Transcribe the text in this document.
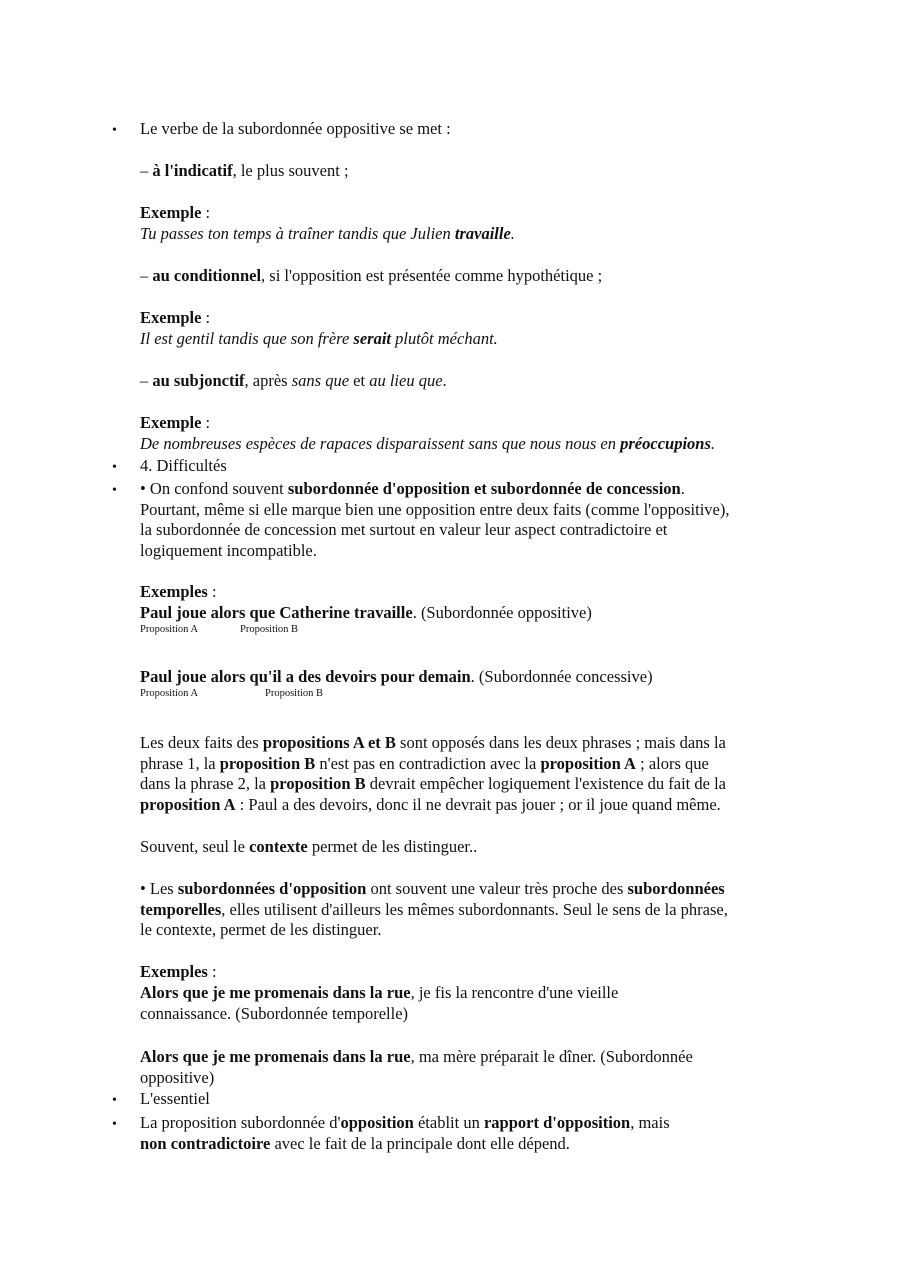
• Le verbe de la subordonnée oppositive se met :
– à l'indicatif, le plus souvent ;
Exemple :
Tu passes ton temps à traîner tandis que Julien travaille.
– au conditionnel, si l'opposition est présentée comme hypothétique ;
Exemple :
Il est gentil tandis que son frère serait plutôt méchant.
– au subjonctif, après sans que et au lieu que.
Exemple :
De nombreuses espèces de rapaces disparaissent sans que nous nous en préoccupions.
• 4. Difficultés
• • On confond souvent subordonnée d'opposition et subordonnée de concession.
Pourtant, même si elle marque bien une opposition entre deux faits (comme l'oppositive),
la subordonnée de concession met surtout en valeur leur aspect contradictoire et
logiquement incompatible.
Exemples :
Paul joue alors que Catherine travaille. (Subordonnée oppositive)
Proposition A	Proposition B
Paul joue alors qu'il a des devoirs pour demain. (Subordonnée concessive)
Proposition A	Proposition B
Les deux faits des propositions A et B sont opposés dans les deux phrases ; mais dans la
phrase 1, la proposition B n'est pas en contradiction avec la proposition A ; alors que
dans la phrase 2, la proposition B devrait empêcher logiquement l'existence du fait de la
proposition A : Paul a des devoirs, donc il ne devrait pas jouer ; or il joue quand même.
Souvent, seul le contexte permet de les distinguer..
• Les subordonnées d'opposition ont souvent une valeur très proche des subordonnées
temporelles, elles utilisent d'ailleurs les mêmes subordonnants. Seul le sens de la phrase,
le contexte, permet de les distinguer.
Exemples :
Alors que je me promenais dans la rue, je fis la rencontre d'une vieille
connaissance. (Subordonnée temporelle)
Alors que je me promenais dans la rue, ma mère préparait le dîner. (Subordonnée
oppositive)
• L'essentiel
• La proposition subordonnée d'opposition établit un rapport d'opposition, mais
non contradictoire avec le fait de la principale dont elle dépend.
